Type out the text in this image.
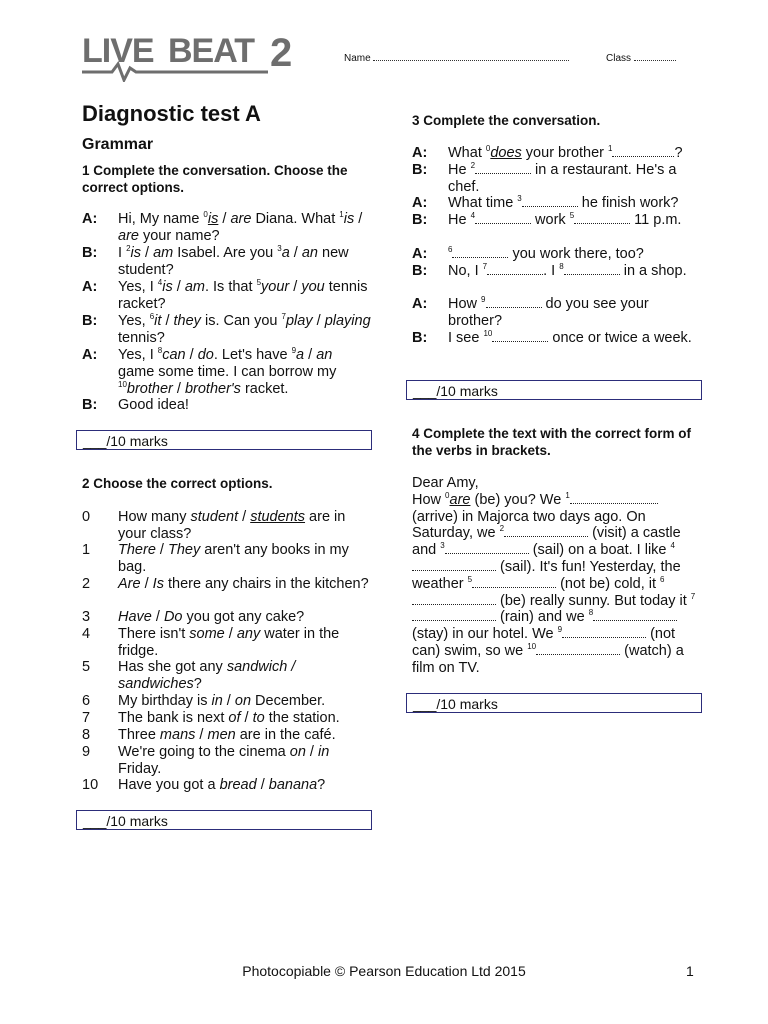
LIVE BEAT 2	Name	Class
Diagnostic test A
Grammar
1 Complete the conversation. Choose the correct options.
A:	Hi, My name $^0$is / are Diana. What $^1$is / are your name?
B:	I $^2$is / am Isabel. Are you $^3$a / an new student?
A:	Yes, I $^4$is / am. Is that $^5$your / you tennis racket?
B:	Yes, $^6$it / they is. Can you $^7$play / playing tennis?
A:	Yes, I $^8$can / do. Let's have $^9$a / an game some time. I can borrow my $^{10}$brother / brother's racket.
B:	Good idea!
___/10 marks
2 Choose the correct options.
0	How many student / students are in your class?
1	There / They aren't any books in my bag.
2	Are / Is there any chairs in the kitchen?
3	Have / Do you got any cake?
4	There isn't some / any water in the fridge.
5	Has she got any sandwich / sandwiches?
6	My birthday is in / on December.
7	The bank is next of / to the station.
8	Three mans / men are in the café.
9	We're going to the cinema on / in Friday.
10	Have you got a bread / banana?
___/10 marks
3 Complete the conversation.
A:	What $^0$does your brother $^1$	?
B:	He $^2$	in a restaurant. He's a chef.
A:	What time $^3$	he finish work?
B:	He $^4$	work $^5$	11 p.m.
A:	$^6$	you work there, too?
B:	No, I $^7$	. I $^8$	in a shop.
A:	How $^9$	do you see your brother?
B:	I see $^{10}$	once or twice a week.
___/10 marks
4 Complete the text with the correct form of the verbs in brackets.
Dear Amy,
How $^0$are (be) you? We $^1$ (arrive) in Majorca two days ago. On Saturday, we $^2$	(visit) a castle and $^3$	(sail) on a boat. I like $^4$ (sail). It's fun! Yesterday, the weather $^5$	(not be) cold, it $^6$ (be) really sunny. But today it $^7$ (rain) and we $^8$ (stay) in our hotel. We $^9$	(not can) swim, so we $^{10}$	(watch) a film on TV.
___/10 marks
Photocopiable © Pearson Education Ltd 2015	1
